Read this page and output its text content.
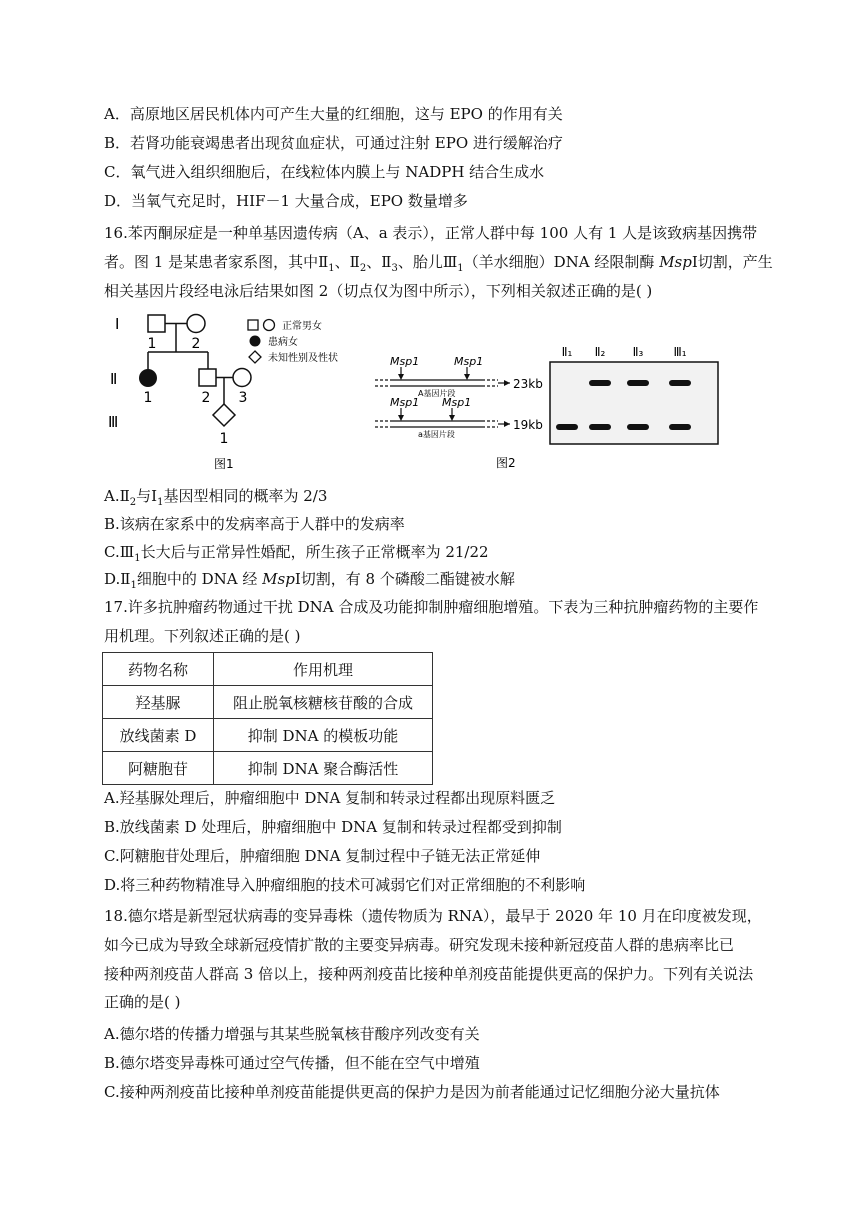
A．高原地区居民机体内可产生大量的红细胞，这与 EPO 的作用有关
B．若肾功能衰竭患者出现贫血症状，可通过注射 EPO 进行缓解治疗
C．氧气进入组织细胞后，在线粒体内膜上与 NADPH 结合生成水
D．当氧气充足时，HIF－1 大量合成，EPO 数量增多
16.苯丙酮尿症是一种单基因遗传病（A、a 表示），正常人群中每 100 人有 1 人是该致病基因携带
者。图 1 是某患者家系图，其中$Ⅱ_1$、$Ⅱ_2$、$Ⅱ_3$、胎儿$Ⅲ_1$（羊水细胞）DNA 经限制酶 MspⅠ切割，产生
相关基因片段经电泳后结果如图 2（切点仅为图中所示），下列相关叙述正确的是( )
Ⅰ
Ⅱ
Ⅲ
1	2
1	2 3
1
正常男女
患病女
未知性别及性状
图1
Msp1	Msp1
Msp1 Msp1
A基因片段
a基因片段
23kb
19kb
Ⅱ₁ Ⅱ₂ Ⅱ₃	Ⅲ₁
图2
$A.Ⅱ_2$与$Ⅰ_1$基因型相同的概率为 2/3
B.该病在家系中的发病率高于人群中的发病率
$C.Ⅲ_1$长大后与正常异性婚配，所生孩子正常概率为 21/22
$D.Ⅱ_1$细胞中的 DNA 经 MspⅠ切割，有 8 个磷酸二酯键被水解
17.许多抗肿瘤药物通过干扰 DNA 合成及功能抑制肿瘤细胞增殖。下表为三种抗肿瘤药物的主要作
用机理。下列叙述正确的是( )
药物名称	作用机理
羟基脲	阻止脱氧核糖核苷酸的合成
放线菌素 D	抑制 DNA 的模板功能
阿糖胞苷	抑制 DNA 聚合酶活性
A.羟基脲处理后，肿瘤细胞中 DNA 复制和转录过程都出现原料匮乏
B.放线菌素 D 处理后，肿瘤细胞中 DNA 复制和转录过程都受到抑制
C.阿糖胞苷处理后，肿瘤细胞 DNA 复制过程中子链无法正常延伸
D.将三种药物精准导入肿瘤细胞的技术可减弱它们对正常细胞的不利影响
18.德尔塔是新型冠状病毒的变异毒株（遗传物质为 RNA），最早于 2020 年 10 月在印度被发现，
如今已成为导致全球新冠疫情扩散的主要变异病毒。研究发现未接种新冠疫苗人群的患病率比已
接种两剂疫苗人群高 3 倍以上，接种两剂疫苗比接种单剂疫苗能提供更高的保护力。下列有关说法
正确的是( )
A.德尔塔的传播力增强与其某些脱氧核苷酸序列改变有关
B.德尔塔变异毒株可通过空气传播，但不能在空气中增殖
C.接种两剂疫苗比接种单剂疫苗能提供更高的保护力是因为前者能通过记忆细胞分泌大量抗体
